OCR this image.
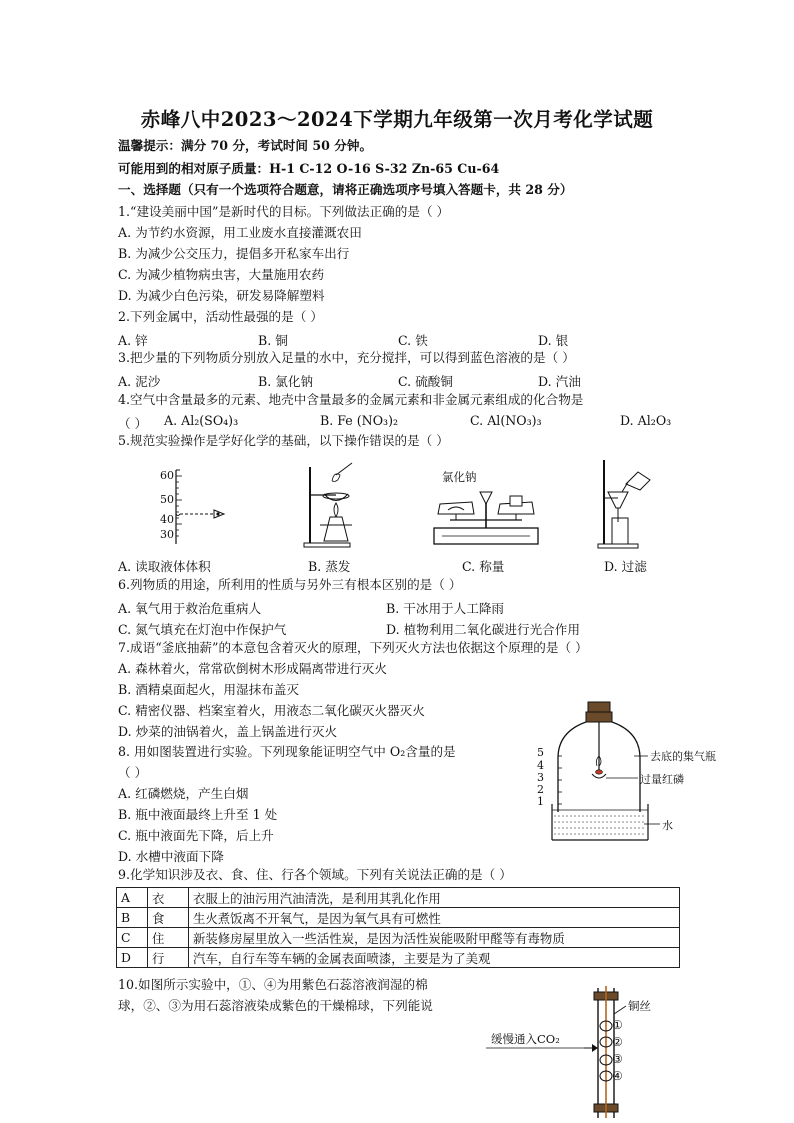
赤峰八中2023～2024下学期九年级第一次月考化学试题
温馨提示：满分 70 分，考试时间 50 分钟。
可能用到的相对原子质量：H-1 C-12 O-16 S-32 Zn-65 Cu-64
一、选择题（只有一个选项符合题意，请将正确选项序号填入答题卡，共 28 分）
1.“建设美丽中国”是新时代的目标。下列做法正确的是（ ）
A. 为节约水资源，用工业废水直接灌溉农田
B. 为减少公交压力，提倡多开私家车出行
C. 为减少植物病虫害，大量施用农药
D. 为减少白色污染，研发易降解塑料
2.下列金属中，活动性最强的是（ ）
A. 锌	B. 铜	C. 铁	D. 银
3.把少量的下列物质分别放入足量的水中，充分搅拌，可以得到蓝色溶液的是（ ）
A. 泥沙	B. 氯化钠	C. 硫酸铜	D. 汽油
4.空气中含量最多的元素、地壳中含量最多的金属元素和非金属元素组成的化合物是
（ ） A. Al₂(SO₄)₃	B. Fe (NO₃)₂	C. Al(NO₃)₃	D. Al₂O₃
5.规范实验操作是学好化学的基础，以下操作错误的是（ ）
60
50
40
30
氯化钠
A. 读取液体体积	B. 蒸发	C. 称量	D. 过滤
6.列物质的用途，所利用的性质与另外三有根本区别的是（ ）
A. 氧气用于救治危重病人	B. 干冰用于人工降雨
C. 氮气填充在灯泡中作保护气	D. 植物利用二氧化碳进行光合作用
7.成语“釜底抽薪”的本意包含着灭火的原理，下列灭火方法也依据这个原理的是（ ）
A. 森林着火，常常砍倒树木形成隔离带进行灭火
B. 酒精桌面起火，用湿抹布盖灭
C. 精密仪器、档案室着火，用液态二氧化碳灭火器灭火
D. 炒菜的油锅着火，盖上锅盖进行灭火
8. 用如图装置进行实验。下列现象能证明空气中 O₂含量的是
（ ）
A. 红磷燃烧，产生白烟
B. 瓶中液面最终上升至 1 处
C. 瓶中液面先下降，后上升
D. 水槽中液面下降
5
4
3
2
1
去底的集气瓶
过量红磷
水
9.化学知识涉及衣、食、住、行各个领域。下列有关说法正确的是（ ）
A	衣	衣服上的油污用汽油清洗，是利用其乳化作用
B	食	生火煮饭离不开氧气，是因为氧气具有可燃性
C	住	新装修房屋里放入一些活性炭，是因为活性炭能吸附甲醛等有毒物质
D	行	汽车，自行车等车辆的金属表面喷漆，主要是为了美观
10.如图所示实验中，①、④为用紫色石蕊溶液润湿的棉
球，②、③为用石蕊溶液染成紫色的干燥棉球，下列能说
缓慢通入CO₂
铜丝
①
②
③
④
